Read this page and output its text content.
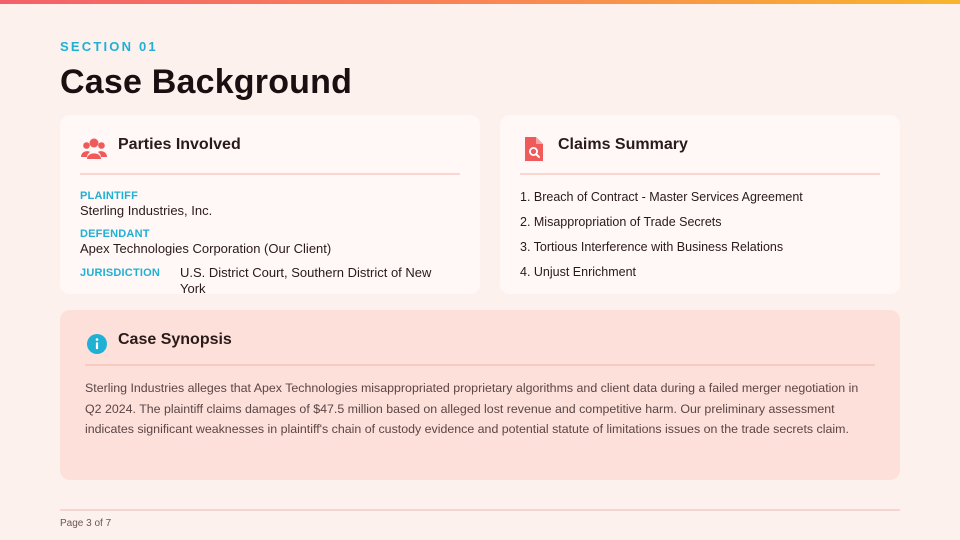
SECTION 01
Case Background
Parties Involved
PLAINTIFF
Sterling Industries, Inc.
DEFENDANT
Apex Technologies Corporation (Our Client)
JURISDICTION	U.S. District Court, Southern District of New York
Claims Summary
1. Breach of Contract - Master Services Agreement
2. Misappropriation of Trade Secrets
3. Tortious Interference with Business Relations
4. Unjust Enrichment
Case Synopsis
Sterling Industries alleges that Apex Technologies misappropriated proprietary algorithms and client data during a failed merger negotiation in Q2 2024. The plaintiff claims damages of $47.5 million based on alleged lost revenue and competitive harm. Our preliminary assessment indicates significant weaknesses in plaintiff's chain of custody evidence and potential statute of limitations issues on the trade secrets claim.
Page 3 of 7
